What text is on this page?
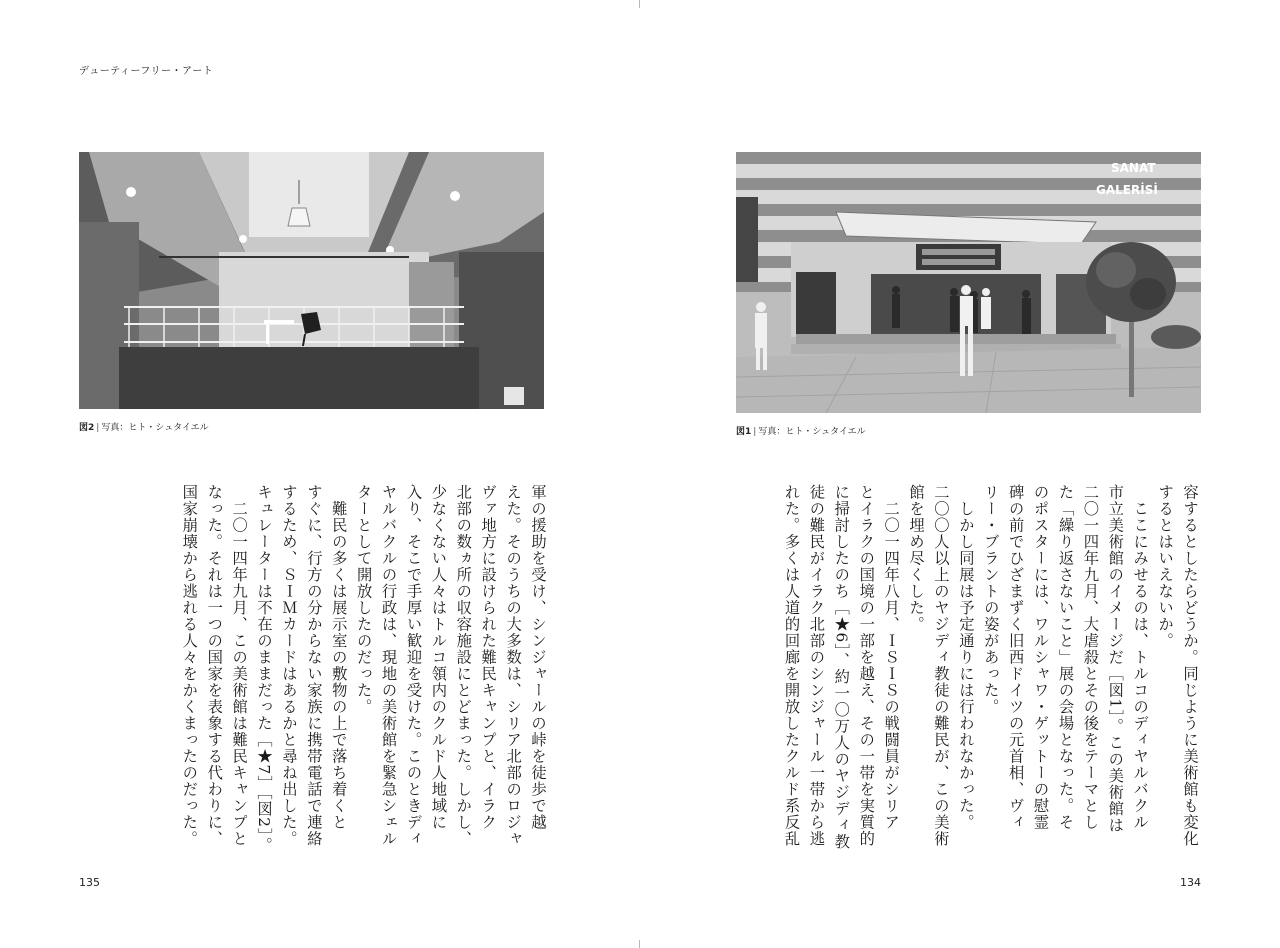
デューティーフリー・アート
図2 | 写真：ヒト・シュタイエル
SANAT
GALERİSİ
図1 | 写真：ヒト・シュタイエル

軍の援助を受け、シンジャールの峠を徒歩で越

えた。そのうちの大多数は、シリア北部のロジャ

ヴァ地方に設けられた難民キャンプと、イラク

北部の数ヵ所の収容施設にとどまった。しかし、

少なくない人々はトルコ領内のクルド人地域に

入り、そこで手厚い歓迎を受けた。このときディ

ヤルバクルの行政は、現地の美術館を緊急シェル

ターとして開放したのだった。

　難民の多くは展示室の敷物の上で落ち着くと

すぐに、行方の分からない家族に携帯電話で連絡

するため、ＳＩＭカードはあるかと尋ね出した。

キュレーターは不在のままだった［★7］［図2］。

　二〇一四年九月、この美術館は難民キャンプと

なった。それは一つの国家を表象する代わりに、

国家崩壊から逃れる人々をかくまったのだった。	容するとしたらどうか。同じように美術館も変化

するとはいえないか。

　ここにみせるのは、トルコのディヤルバクル

市立美術館のイメージだ［図1］。この美術館は

二〇一四年九月、大虐殺とその後をテーマとし

た「繰り返さないこと」展の会場となった。そ

のポスターには、ワルシャワ・ゲットーの慰霊

碑の前でひざまずく旧西ドイツの元首相、ヴィ

リー・ブラントの姿があった。

　しかし同展は予定通りには行われなかった。

二〇〇人以上のヤジディ教徒の難民が、この美術

館を埋め尽くした。

　二〇一四年八月、ＩＳＩＳの戦闘員がシリア

とイラクの国境の一部を越え、その一帯を実質的

に掃討したのち［★6］、約一〇万人のヤジディ教

徒の難民がイラク北部のシンジャール一帯から逃

れた。多くは人道的回廊を開放したクルド系反乱

135	134
